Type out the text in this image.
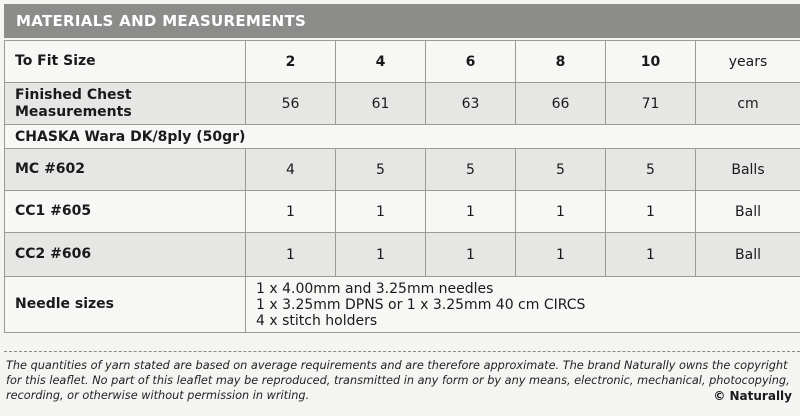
MATERIALS AND MEASUREMENTS
To Fit Size	2	4	6	8	10	years

Finished Chest
Measurements	56	61	63	66	71	cm
CHASKA Wara DK/8ply (50gr)						
MC #602	4	5	5	5	5	Balls
CC1 #605	1	1	1	1	1	Ball
CC2 #606	1	1	1	1	1	Ball
Needle sizes	1 x 4.00mm and 3.25mm needles
1 x 3.25mm DPNS or 1 x 3.25mm 40 cm CIRCS
4 x stitch holders					
The quantities of yarn stated are based on average requirements and are therefore approximate. The brand Naturally owns the copyright
for this leaflet. No part of this leaflet may be reproduced, transmitted in any form or by any means, electronic, mechanical, photocopying,
recording, or otherwise without permission in writing.	© Naturally
